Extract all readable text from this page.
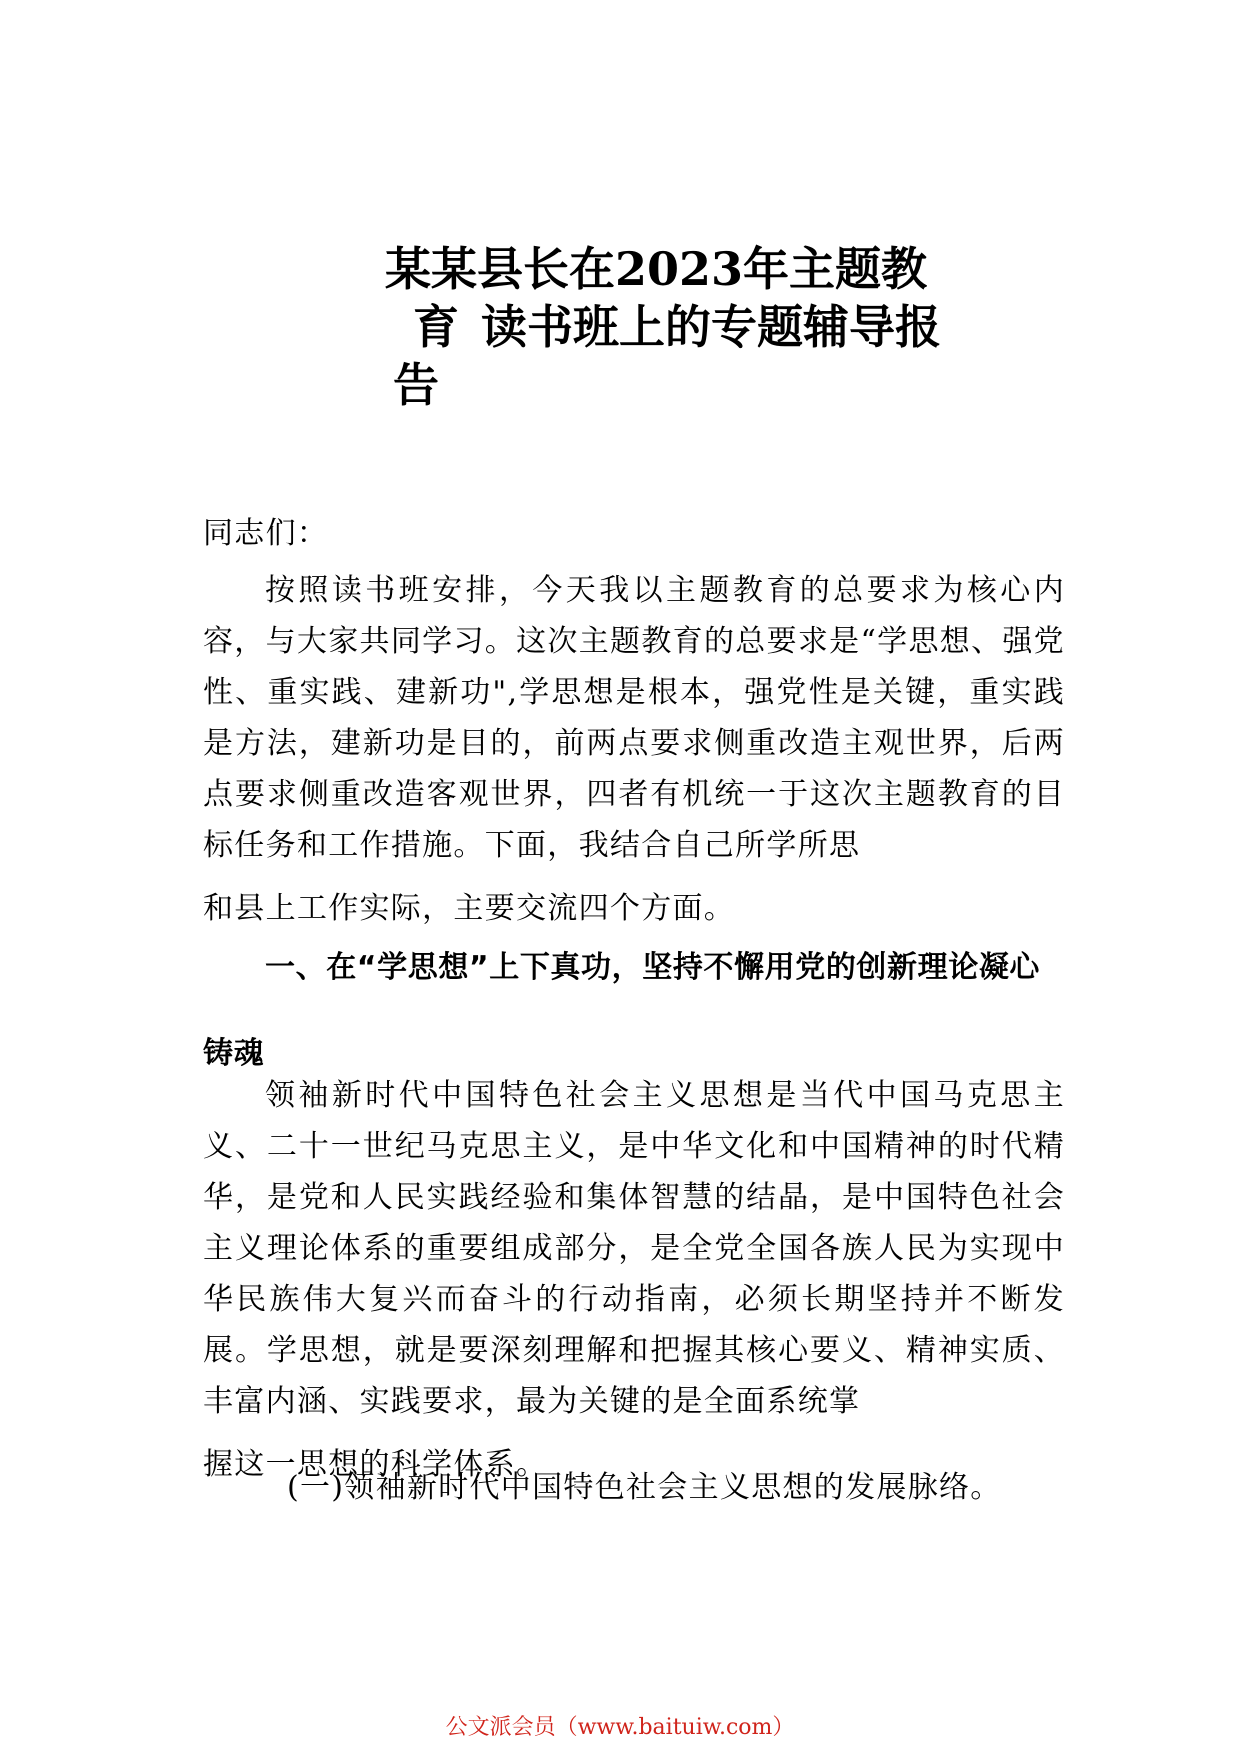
某某县长在2023年主题教
育 读书班上的专题辅导报
告

同志们：

按照读书班安排，今天我以主题教育的总要求为核心内容，与大家共同学习。这次主题教育的总要求是“学思想、强党性、重实践、建新功",学思想是根本，强党性是关键，重实践是方法，建新功是目的，前两点要求侧重改造主观世界，后两点要求侧重改造客观世界，四者有机统一于这次主题教育的目标任务和工作措施。下面，我结合自己所学所思
和县上工作实际，主要交流四个方面。

一、在“学思想”上下真功，坚持不懈用党的创新理论凝心铸魂

领袖新时代中国特色社会主义思想是当代中国马克思主义、二十一世纪马克思主义，是中华文化和中国精神的时代精华，是党和人民实践经验和集体智慧的结晶，是中国特色社会主义理论体系的重要组成部分，是全党全国各族人民为实现中华民族伟大复兴而奋斗的行动指南，必须长期坚持并不断发展。学思想，就是要深刻理解和把握其核心要义、精神实质、丰富内涵、实践要求，最为关键的是全面系统掌
握这一思想的科学体系。

(一)领袖新时代中国特色社会主义思想的发展脉络。

公文派会员（www.baituiw.com）
